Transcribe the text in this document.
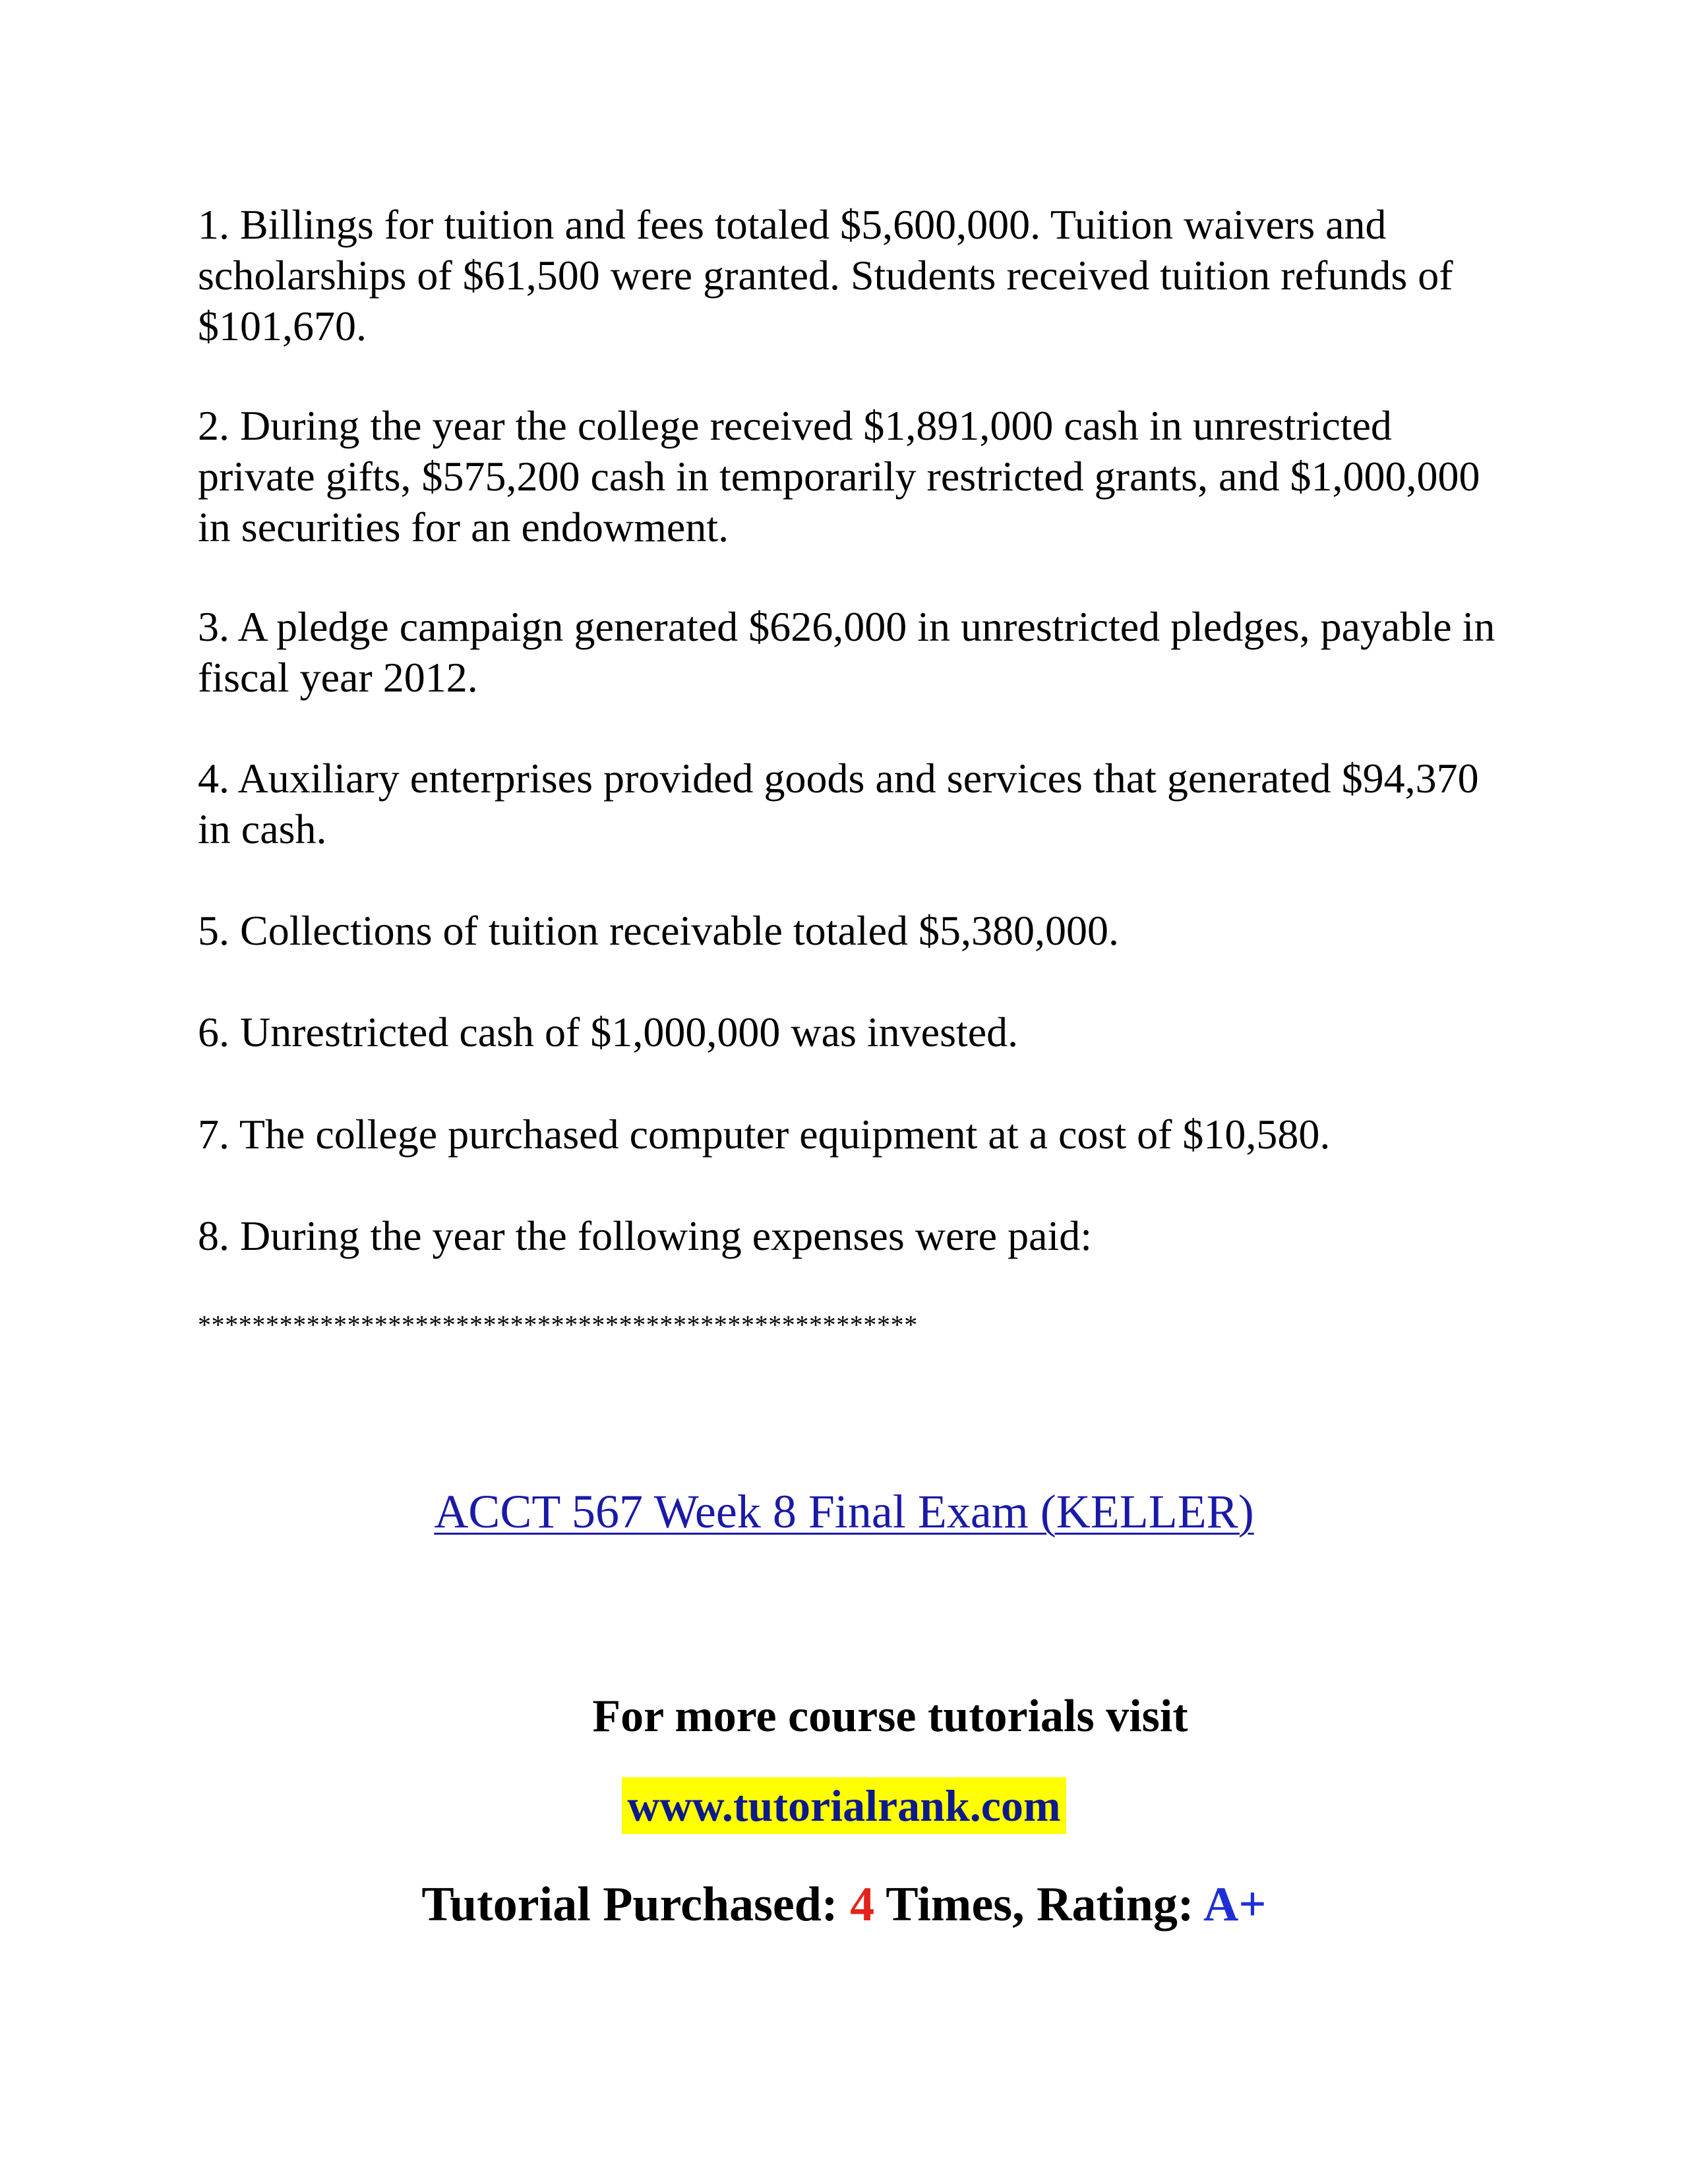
1. Billings for tuition and fees totaled $5,600,000. Tuition waivers and scholarships of $61,500 were granted. Students received tuition refunds of $101,670.

2. During the year the college received $1,891,000 cash in unrestricted private gifts, $575,200 cash in temporarily restricted grants, and $1,000,000 in securities for an endowment.

3. A pledge campaign generated $626,000 in unrestricted pledges, payable in fiscal year 2012.

4. Auxiliary enterprises provided goods and services that generated $94,370 in cash.

5. Collections of tuition receivable totaled $5,380,000.

6. Unrestricted cash of $1,000,000 was invested.

7. The college purchased computer equipment at a cost of $10,580.

8. During the year the following expenses were paid:

*****************************************************
ACCT 567 Week 8 Final Exam (KELLER)
For more course tutorials visit
www.tutorialrank.com
Tutorial Purchased: 4 Times, Rating: A+
